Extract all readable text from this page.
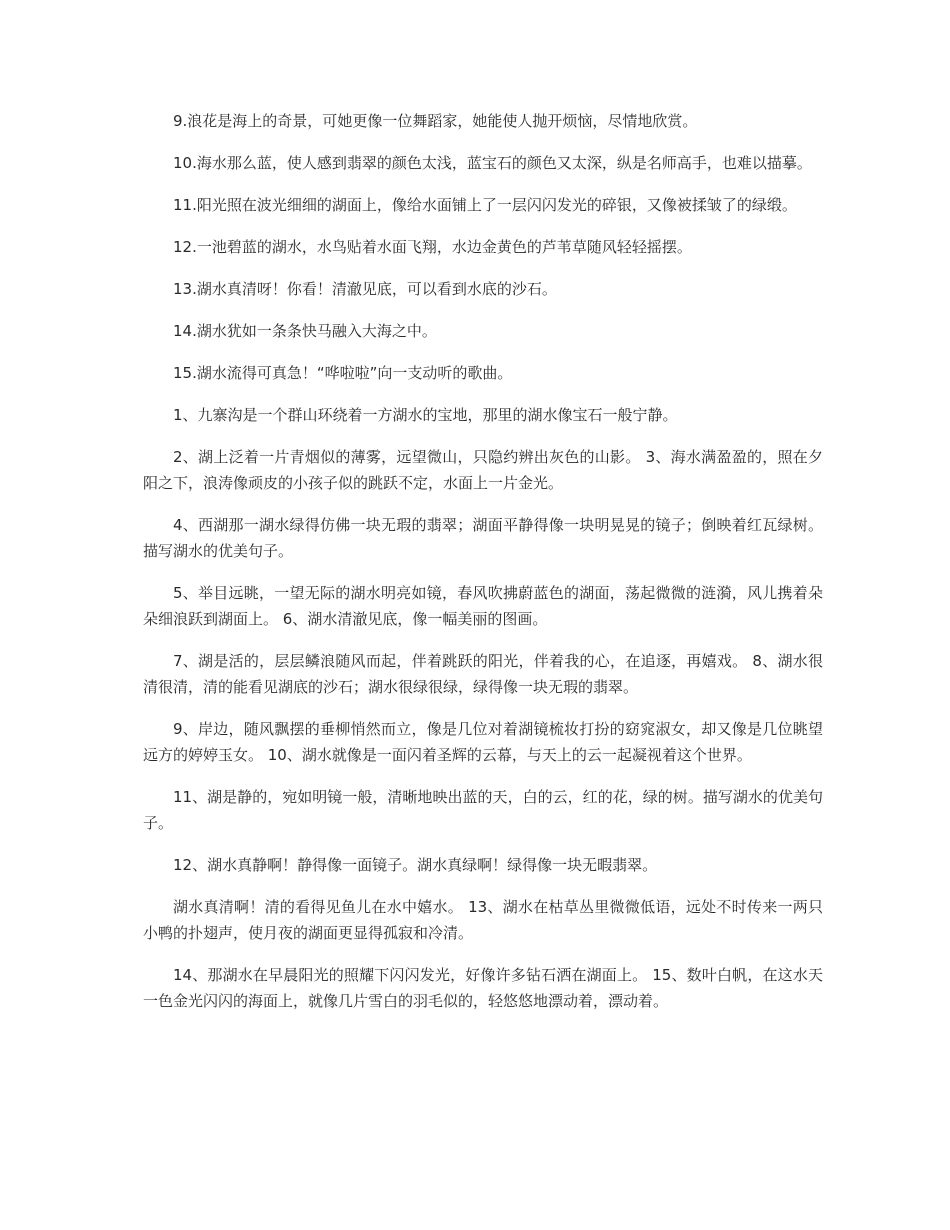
9.浪花是海上的奇景，可她更像一位舞蹈家，她能使人抛开烦恼，尽情地欣赏。

10.海水那么蓝，使人感到翡翠的颜色太浅，蓝宝石的颜色又太深，纵是名师高手，也难以描摹。

11.阳光照在波光细细的湖面上，像给水面铺上了一层闪闪发光的碎银，又像被揉皱了的绿缎。

12.一池碧蓝的湖水，水鸟贴着水面飞翔，水边金黄色的芦苇草随风轻轻摇摆。

13.湖水真清呀！你看！清澈见底，可以看到水底的沙石。

14.湖水犹如一条条快马融入大海之中。

15.湖水流得可真急！“哗啦啦”向一支动听的歌曲。

1、九寨沟是一个群山环绕着一方湖水的宝地，那里的湖水像宝石一般宁静。

2、湖上泛着一片青烟似的薄雾，远望微山，只隐约辨出灰色的山影。 3、海水满盈盈的，照在夕阳之下，浪涛像顽皮的小孩子似的跳跃不定，水面上一片金光。

4、西湖那一湖水绿得仿佛一块无瑕的翡翠；湖面平静得像一块明晃晃的镜子；倒映着红瓦绿树。描写湖水的优美句子。

5、举目远眺，一望无际的湖水明亮如镜，春风吹拂蔚蓝色的湖面，荡起微微的涟漪，风儿携着朵朵细浪跃到湖面上。 6、湖水清澈见底，像一幅美丽的图画。

7、湖是活的，层层鳞浪随风而起，伴着跳跃的阳光，伴着我的心，在追逐，再嬉戏。 8、湖水很清很清，清的能看见湖底的沙石；湖水很绿很绿，绿得像一块无瑕的翡翠。

9、岸边，随风飘摆的垂柳悄然而立，像是几位对着湖镜梳妆打扮的窈窕淑女，却又像是几位眺望远方的婷婷玉女。 10、湖水就像是一面闪着圣辉的云幕，与天上的云一起凝视着这个世界。

11、湖是静的，宛如明镜一般，清晰地映出蓝的天，白的云，红的花，绿的树。描写湖水的优美句子。

12、湖水真静啊！静得像一面镜子。湖水真绿啊！绿得像一块无暇翡翠。

湖水真清啊！清的看得见鱼儿在水中嬉水。 13、湖水在枯草丛里微微低语，远处不时传来一两只小鸭的扑翅声，使月夜的湖面更显得孤寂和冷清。

14、那湖水在早晨阳光的照耀下闪闪发光，好像许多钻石洒在湖面上。 15、数叶白帆，在这水天一色金光闪闪的海面上，就像几片雪白的羽毛似的，轻悠悠地漂动着，漂动着。
